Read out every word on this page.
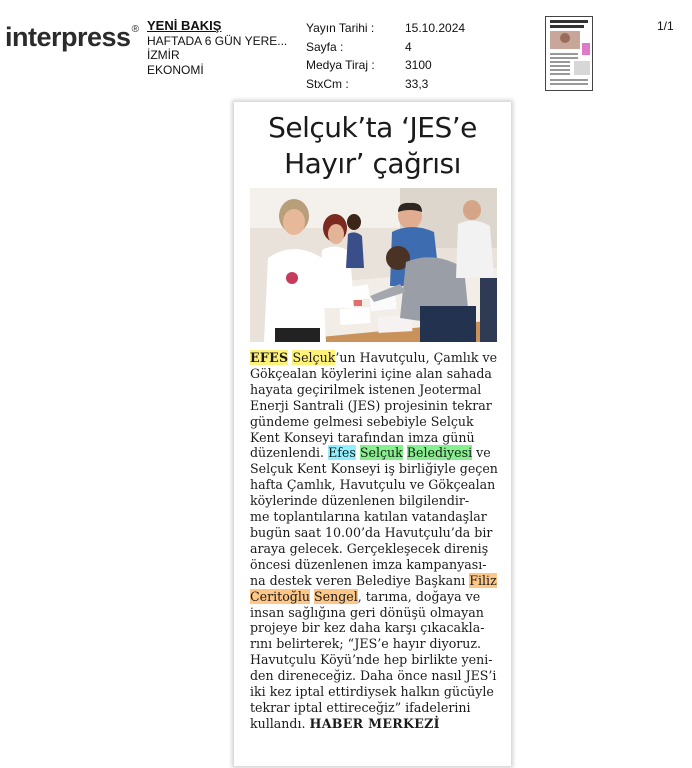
interpress® YENİ BAKIŞ
HAFTADA 6 GÜN YERE...
İZMİR
EKONOMİ
Yayın Tarihi :	15.10.2024
Sayfa :	4
Medya Tiraj :	3100
StxCm :	33,3
1/1
Selçuk’ta ‘JES’e
Hayır’ çağrısı
EFES Selçuk’un Havutçulu, Çamlık ve
Gökçealan köylerini içine alan sahada
hayata geçirilmek istenen Jeotermal
Enerji Santrali (JES) projesinin tekrar
gündeme gelmesi sebebiyle Selçuk
Kent Konseyi tarafından imza günü
düzenlendi. Efes Selçuk Belediyesi ve
Selçuk Kent Konseyi iş birliğiyle geçen
hafta Çamlık, Havutçulu ve Gökçealan
köylerinde düzenlenen bilgilendir-
me toplantılarına katılan vatandaşlar
bugün saat 10.00’da Havutçulu’da bir
araya gelecek. Gerçekleşecek direniş
öncesi düzenlenen imza kampanyası-
na destek veren Belediye Başkanı Filiz
Ceritoğlu Sengel, tarıma, doğaya ve
insan sağlığına geri dönüşü olmayan
projeye bir kez daha karşı çıkacakla-
rını belirterek; “JES’e hayır diyoruz.
Havutçulu Köyü’nde hep birlikte yeni-
den direneceğiz. Daha önce nasıl JES’i
iki kez iptal ettirdiysek halkın gücüyle
tekrar iptal ettireceğiz” ifadelerini
kullandı. HABER MERKEZİ
